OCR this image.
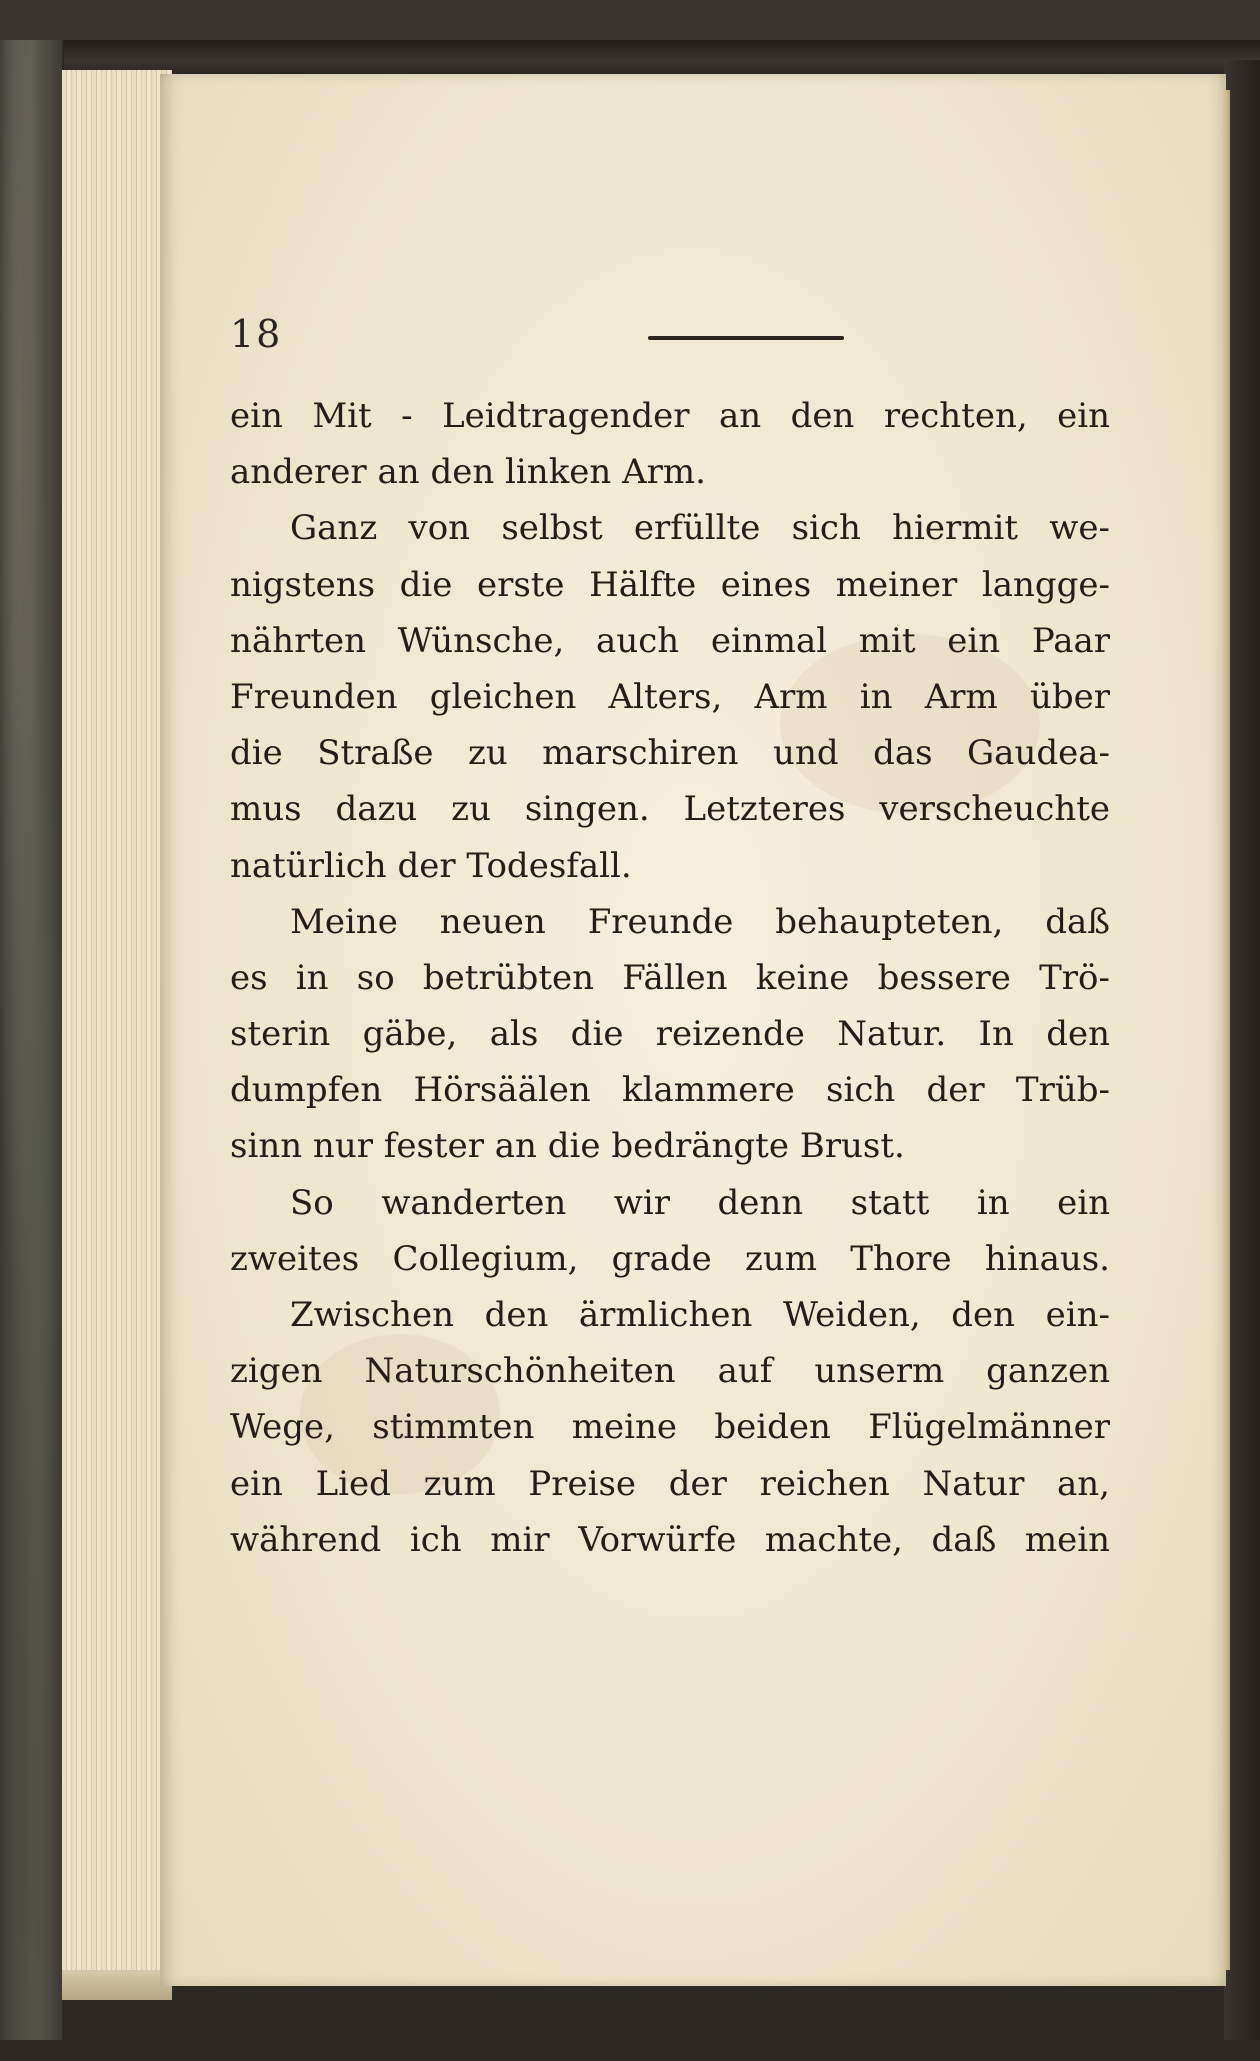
18
ein Mit - Leidtragender an den rechten, ein
anderer an den linken Arm.
Ganz von selbst erfüllte sich hiermit we-
nigstens die erste Hälfte eines meiner langge-
nährten Wünsche, auch einmal mit ein Paar
Freunden gleichen Alters, Arm in Arm über
die Straße zu marschiren und das Gaudea-
mus dazu zu singen. Letzteres verscheuchte
natürlich der Todesfall.
Meine neuen Freunde behaupteten, daß
es in so betrübten Fällen keine bessere Trö-
sterin gäbe, als die reizende Natur. In den
dumpfen Hörsäälen klammere sich der Trüb-
sinn nur fester an die bedrängte Brust.
So wanderten wir denn statt in ein
zweites Collegium, grade zum Thore hinaus.
Zwischen den ärmlichen Weiden, den ein-
zigen Naturschönheiten auf unserm ganzen
Wege, stimmten meine beiden Flügelmänner
ein Lied zum Preise der reichen Natur an,
während ich mir Vorwürfe machte, daß mein
